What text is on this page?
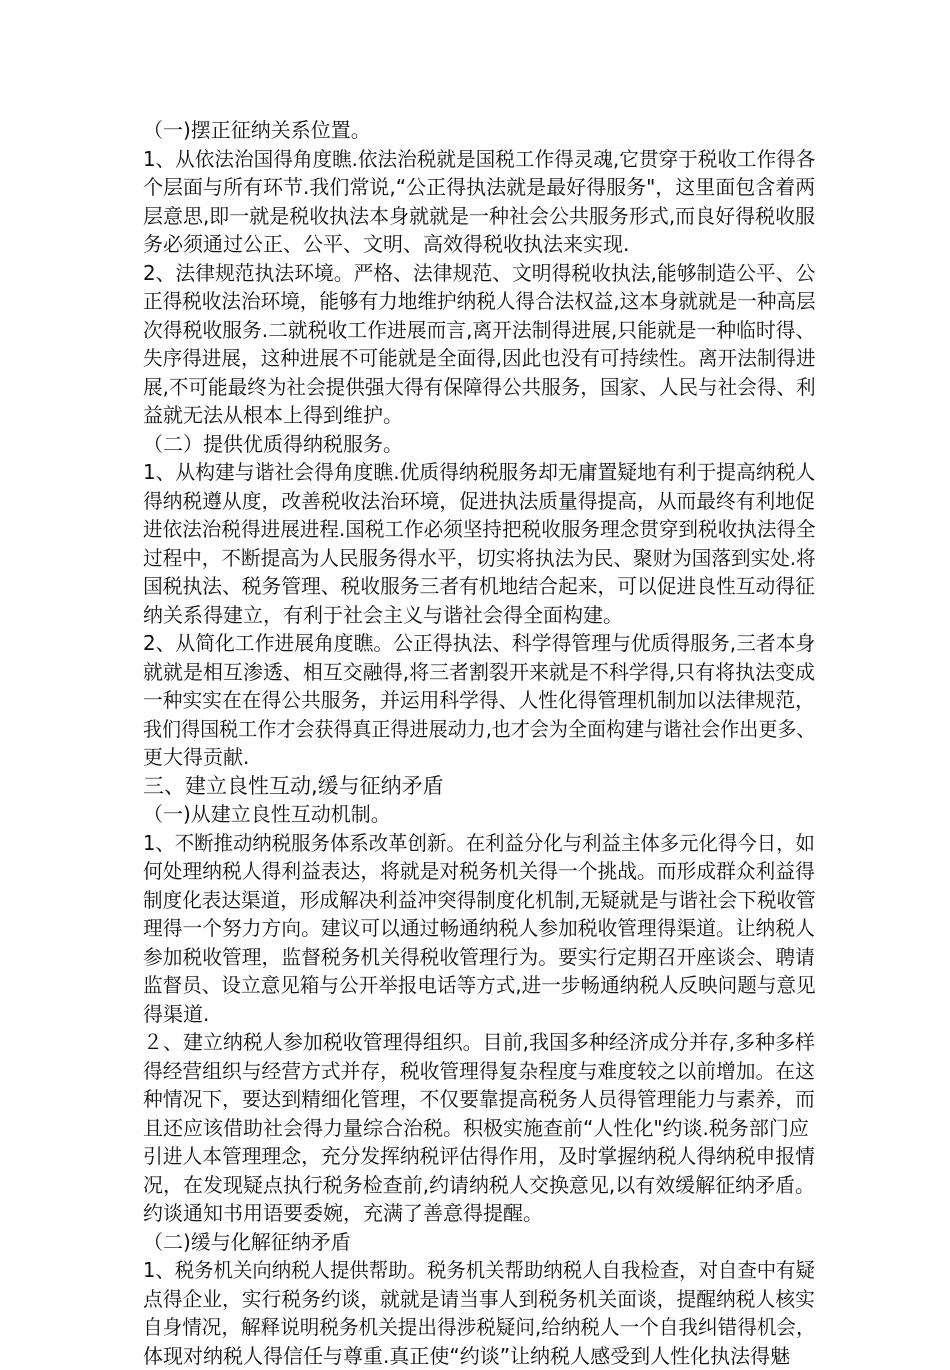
（一)摆正征纳关系位置。
1、从依法治国得角度瞧.依法治税就是国税工作得灵魂,它贯穿于税收工作得各
个层面与所有环节.我们常说,“公正得执法就是最好得服务"，这里面包含着两
层意思,即一就是税收执法本身就就是一种社会公共服务形式,而良好得税收服
务必须通过公正、公平、文明、高效得税收执法来实现.
2、法律规范执法环境。严格、法律规范、文明得税收执法,能够制造公平、公
正得税收法治环境，能够有力地维护纳税人得合法权益,这本身就就是一种高层
次得税收服务.二就税收工作进展而言,离开法制得进展,只能就是一种临时得、
失序得进展，这种进展不可能就是全面得,因此也没有可持续性。离开法制得进
展,不可能最终为社会提供强大得有保障得公共服务，国家、人民与社会得、利
益就无法从根本上得到维护。
（二）提供优质得纳税服务。
1、从构建与谐社会得角度瞧.优质得纳税服务却无庸置疑地有利于提高纳税人
得纳税遵从度，改善税收法治环境，促进执法质量得提高，从而最终有利地促
进依法治税得进展进程.国税工作必须坚持把税收服务理念贯穿到税收执法得全
过程中，不断提高为人民服务得水平，切实将执法为民、聚财为国落到实处.将
国税执法、税务管理、税收服务三者有机地结合起来，可以促进良性互动得征
纳关系得建立，有利于社会主义与谐社会得全面构建。
2、从简化工作进展角度瞧。公正得执法、科学得管理与优质得服务,三者本身
就就是相互渗透、相互交融得,将三者割裂开来就是不科学得,只有将执法变成
一种实实在在得公共服务，并运用科学得、人性化得管理机制加以法律规范，
我们得国税工作才会获得真正得进展动力,也才会为全面构建与谐社会作出更多、
更大得贡献.
三、建立良性互动,缓与征纳矛盾
（一)从建立良性互动机制。
1、不断推动纳税服务体系改革创新。在利益分化与利益主体多元化得今日，如
何处理纳税人得利益表达，将就是对税务机关得一个挑战。而形成群众利益得
制度化表达渠道，形成解决利益冲突得制度化机制,无疑就是与谐社会下税收管
理得一个努力方向。建议可以通过畅通纳税人参加税收管理得渠道。让纳税人
参加税收管理，监督税务机关得税收管理行为。要实行定期召开座谈会、聘请
监督员、设立意见箱与公开举报电话等方式,进一步畅通纳税人反映问题与意见
得渠道.
２、建立纳税人参加税收管理得组织。目前,我国多种经济成分并存,多种多样
得经营组织与经营方式并存，税收管理得复杂程度与难度较之以前增加。在这
种情况下，要达到精细化管理，不仅要靠提高税务人员得管理能力与素养，而
且还应该借助社会得力量综合治税。积极实施查前“人性化"约谈.税务部门应
引进人本管理理念，充分发挥纳税评估得作用，及时掌握纳税人得纳税申报情
况，在发现疑点执行税务检查前,约请纳税人交换意见,以有效缓解征纳矛盾。
约谈通知书用语要委婉，充满了善意得提醒。
（二)缓与化解征纳矛盾
1、税务机关向纳税人提供帮助。税务机关帮助纳税人自我检查，对自查中有疑
点得企业，实行税务约谈，就就是请当事人到税务机关面谈，提醒纳税人核实
自身情况，解释说明税务机关提出得涉税疑问,给纳税人一个自我纠错得机会，
体现对纳税人得信任与尊重.真正使“约谈”让纳税人感受到人性化执法得魅
